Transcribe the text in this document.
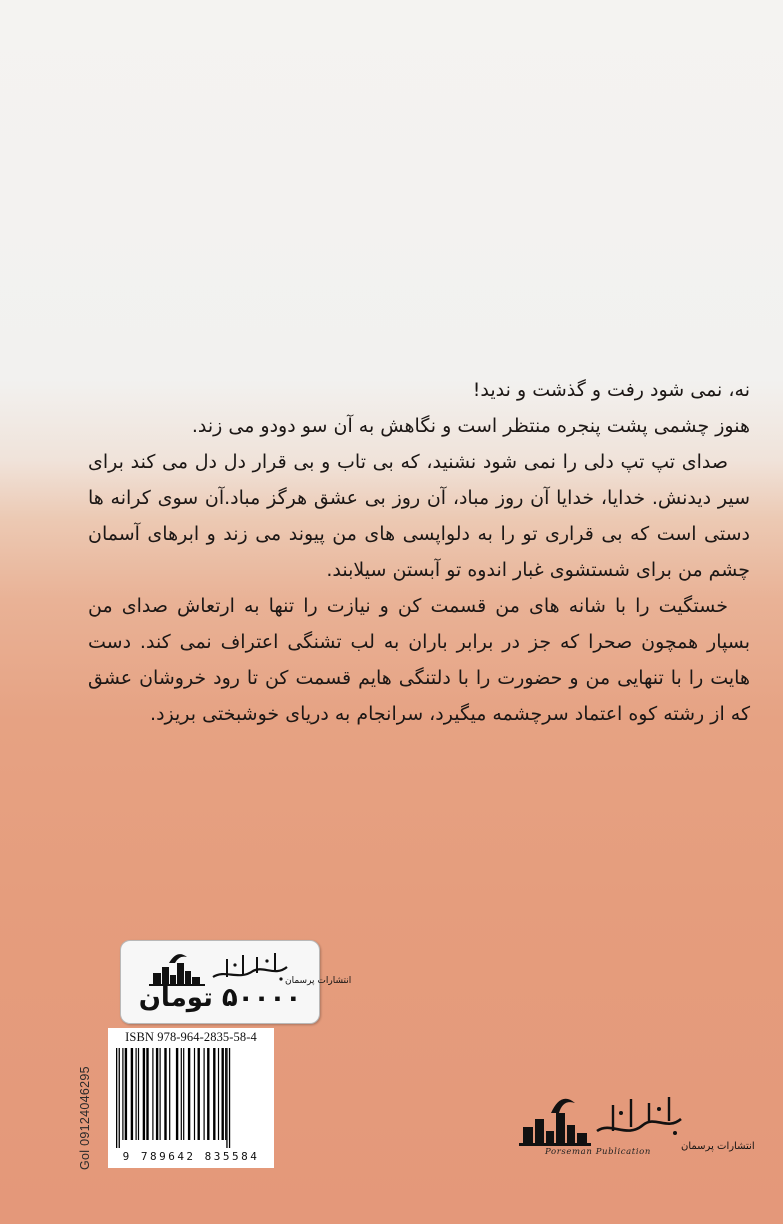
نه، نمی شود رفت و گذشت و ندید!

هنوز چشمی پشت پنجره منتظر است و نگاهش به آن سو دودو می زند.

صدای تپ تپ دلی را نمی شود نشنید، که بی تاب و بی قرار دل دل می کند برای سیر دیدنش. خدایا، خدایا آن روز مباد، آن روز بی عشق هرگز مباد.آن سوی کرانه ها دستی است که بی قراری تو را به دلواپسی های من پیوند می زند و ابرهای آسمان چشم من برای شستشوی غبار اندوه تو آبستن سیلابند.

خستگیت را با شانه های من قسمت کن و نیازت را تنها به ارتعاش صدای من بسپار همچون صحرا که جز در برابر باران به لب تشنگی اعتراف نمی کند. دست هایت را با تنهایی من و حضورت را با دلتنگی هایم قسمت کن تا رود خروشان عشق که از رشته کوه اعتماد سرچشمه میگیرد، سرانجام به دریای خوشبختی بریزد.

انتشارات پرسمان
۵۰۰۰۰ تومان
ISBN 978-964-2835-58-4
9 789642 835584
Gol 09124046295	انتشارات پرسمان
Porseman Publication
